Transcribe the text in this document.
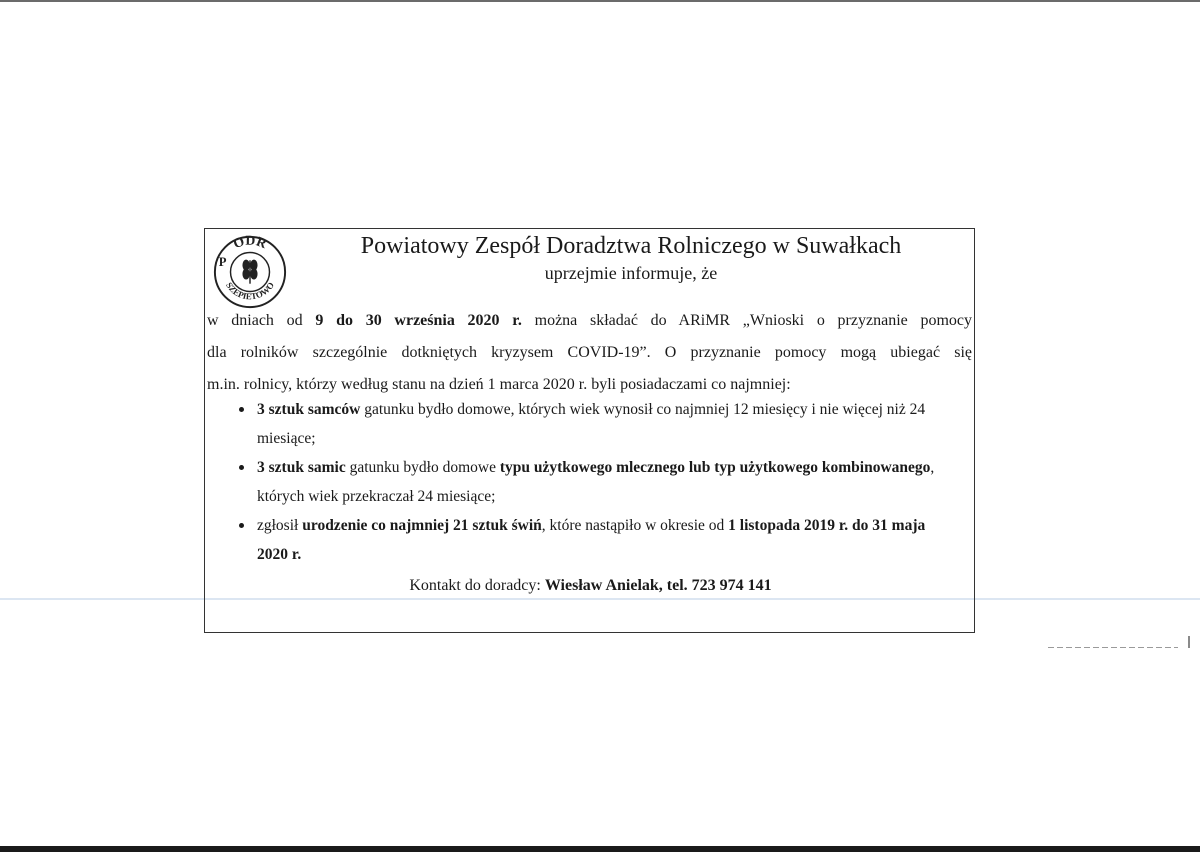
ODR
SZEPIETOWO
P
Powiatowy Zespół Doradztwa Rolniczego w Suwałkach

uprzejmie informuje, że

w dniach od 9 do 30 września 2020 r. można składać do ARiMR „Wnioski o przyznanie pomocy
dla rolników szczególnie dotkniętych kryzysem COVID-19”. O przyznanie pomocy mogą ubiegać się
m.in. rolnicy, którzy według stanu na dzień 1 marca 2020 r. byli posiadaczami co najmniej:

3 sztuk samców gatunku bydło domowe, których wiek wynosił co najmniej 12 miesięcy i nie więcej niż 24 miesiące;
3 sztuk samic gatunku bydło domowe typu użytkowego mlecznego lub typ użytkowego kombinowanego, których wiek przekraczał 24 miesiące;
zgłosił urodzenie co najmniej 21 sztuk świń, które nastąpiło w okresie od 1 listopada 2019 r. do 31 maja 2020 r.

Kontakt do doradcy: Wiesław Anielak, tel. 723 974 141
